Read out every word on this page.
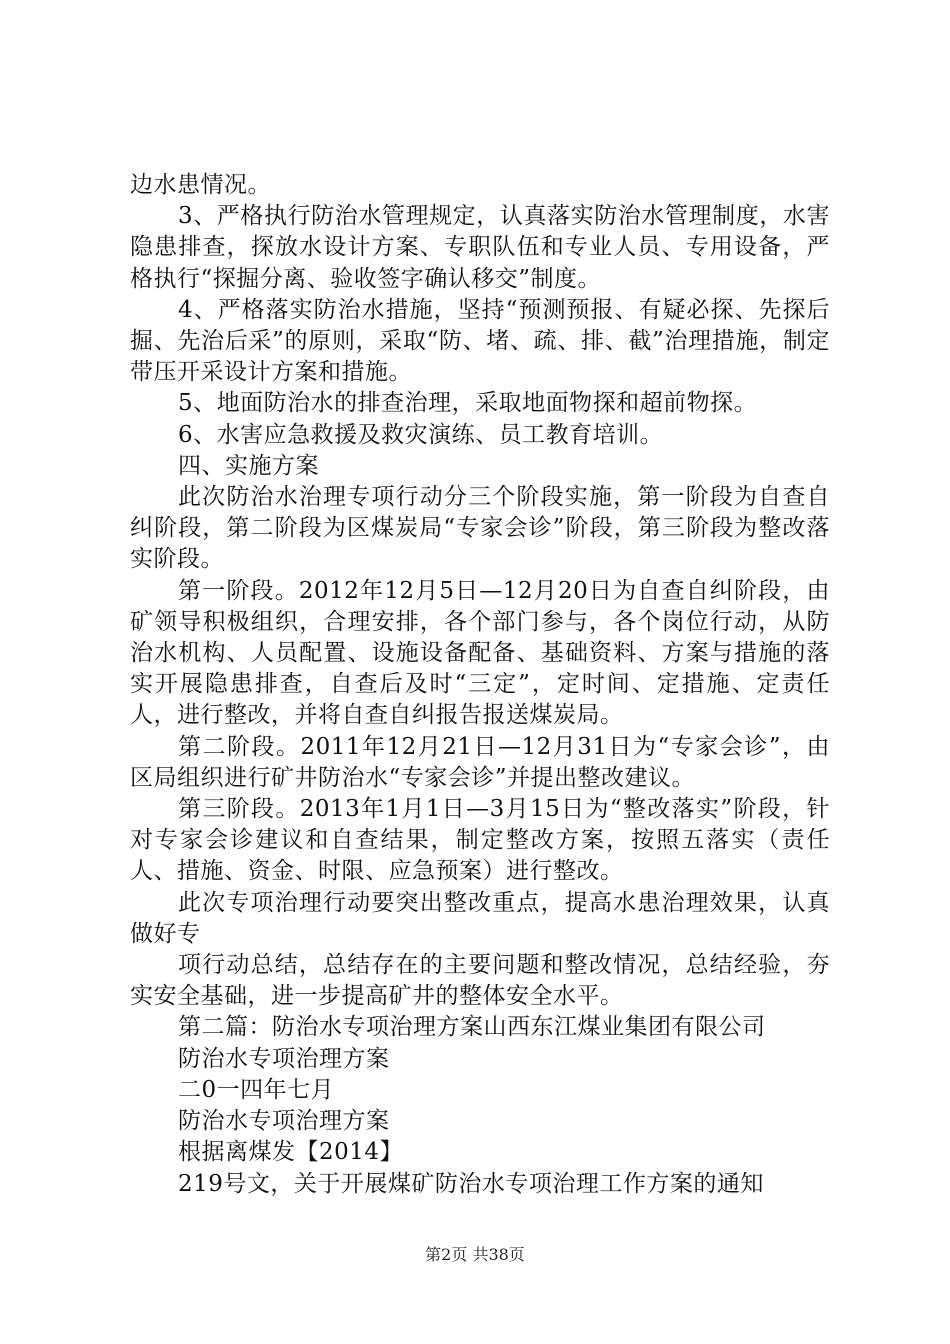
边水患情况。

3、严格执行防治水管理规定，认真落实防治水管理制度，水害隐患排查，探放水设计方案、专职队伍和专业人员、专用设备，严格执行“探掘分离、验收签字确认移交”制度。

4、严格落实防治水措施，坚持“预测预报、有疑必探、先探后掘、先治后采”的原则，采取“防、堵、疏、排、截”治理措施，制定带压开采设计方案和措施。

5、地面防治水的排查治理，采取地面物探和超前物探。

6、水害应急救援及救灾演练、员工教育培训。

四、实施方案

此次防治水治理专项行动分三个阶段实施，第一阶段为自查自纠阶段，第二阶段为区煤炭局“专家会诊”阶段，第三阶段为整改落实阶段。

第一阶段。2012年12月5日—12月20日为自查自纠阶段，由矿领导积极组织，合理安排，各个部门参与，各个岗位行动，从防治水机构、人员配置、设施设备配备、基础资料、方案与措施的落实开展隐患排查，自查后及时“三定”，定时间、定措施、定责任人，进行整改，并将自查自纠报告报送煤炭局。

第二阶段。2011年12月21日—12月31日为“专家会诊”，由区局组织进行矿井防治水“专家会诊”并提出整改建议。

第三阶段。2013年1月1日—3月15日为“整改落实”阶段，针对专家会诊建议和自查结果，制定整改方案，按照五落实（责任人、措施、资金、时限、应急预案）进行整改。

此次专项治理行动要突出整改重点，提高水患治理效果，认真做好专

项行动总结，总结存在的主要问题和整改情况，总结经验，夯实安全基础，进一步提高矿井的整体安全水平。

第二篇：防治水专项治理方案山西东江煤业集团有限公司

防治水专项治理方案

二0一四年七月

防治水专项治理方案

根据离煤发【2014】

219号文，关于开展煤矿防治水专项治理工作方案的通知

第2页 共38页
